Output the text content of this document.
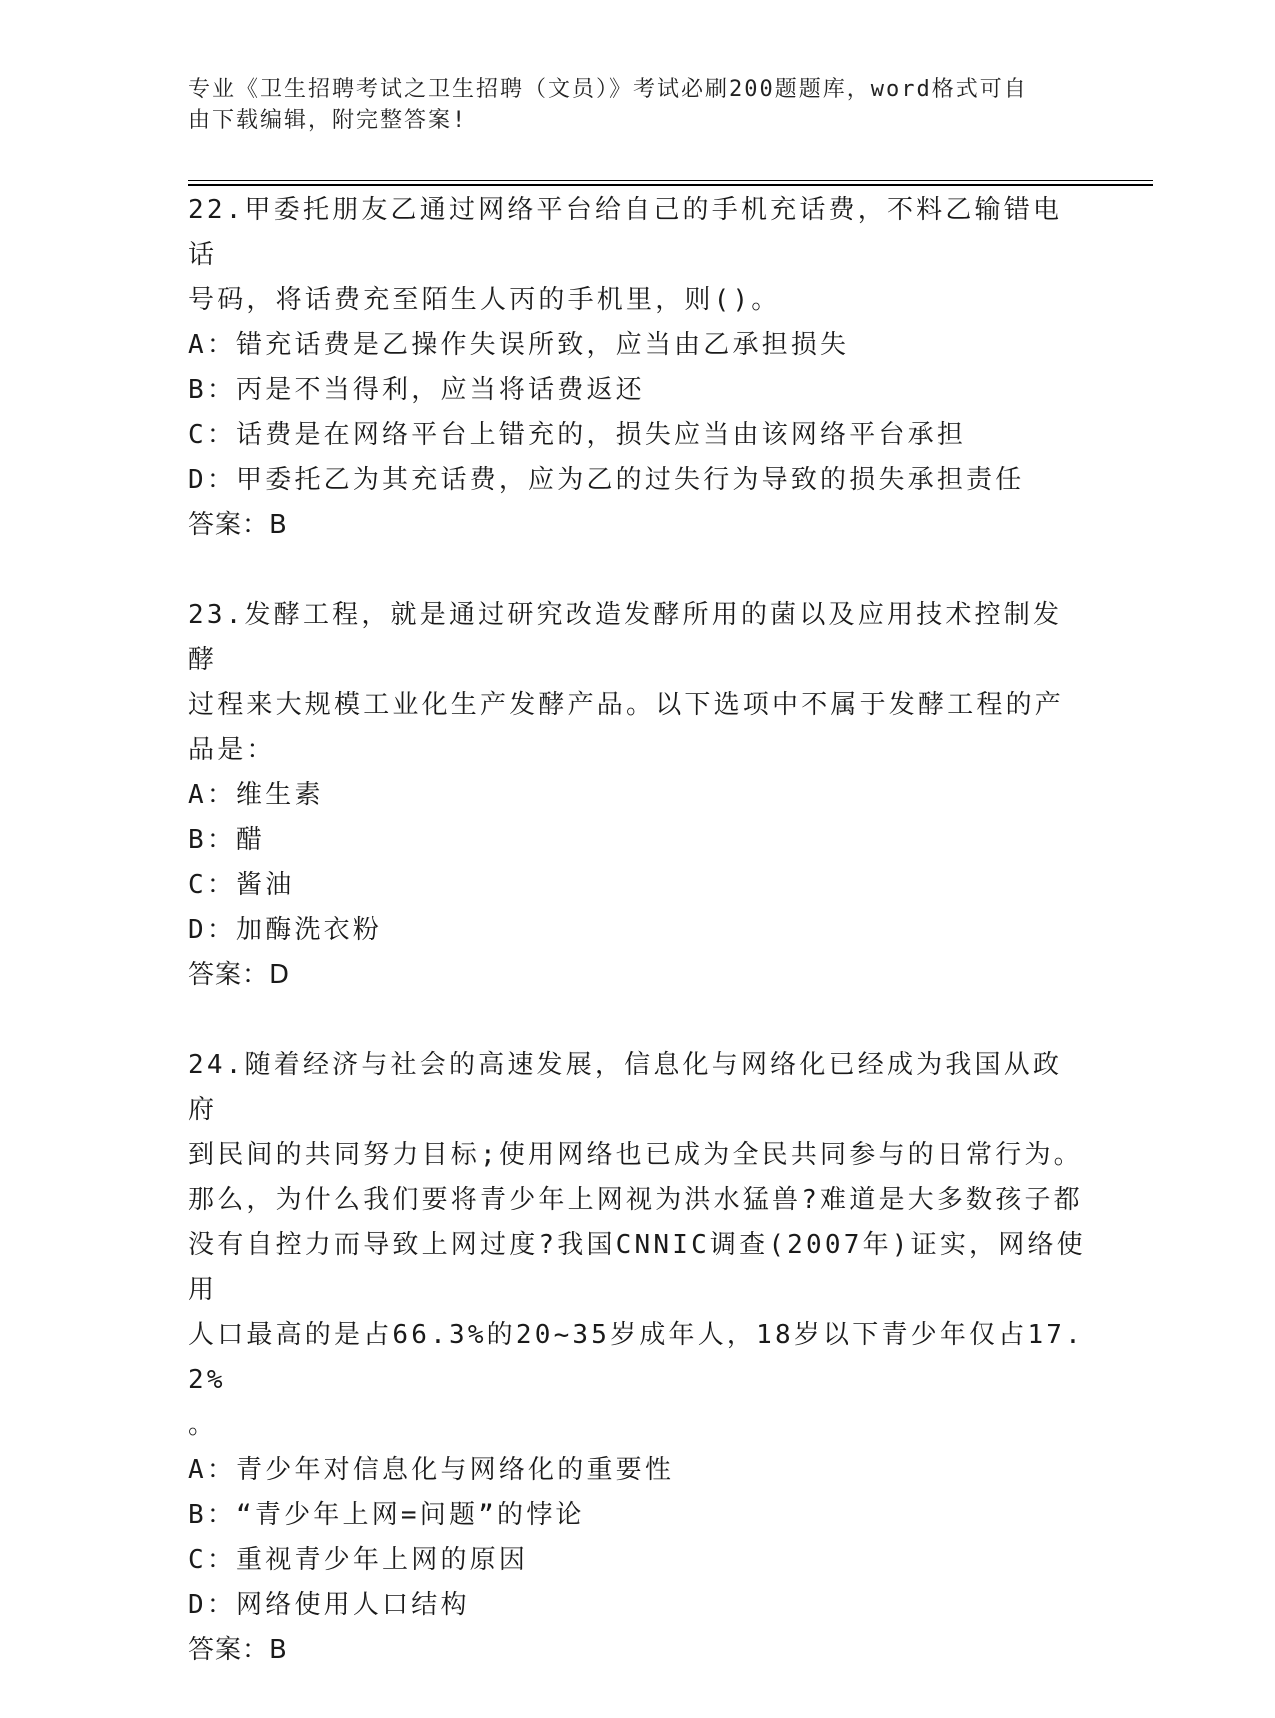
专业《卫生招聘考试之卫生招聘（文员）》考试必刷200题题库，word格式可自
由下载编辑，附完整答案!
22.甲委托朋友乙通过网络平台给自己的手机充话费，不料乙输错电话
号码，将话费充至陌生人丙的手机里，则()。
A：错充话费是乙操作失误所致，应当由乙承担损失
B：丙是不当得利，应当将话费返还
C：话费是在网络平台上错充的，损失应当由该网络平台承担
D：甲委托乙为其充话费，应为乙的过失行为导致的损失承担责任
答案：B
23.发酵工程，就是通过研究改造发酵所用的菌以及应用技术控制发酵
过程来大规模工业化生产发酵产品。以下选项中不属于发酵工程的产
品是：
A：维生素
B：醋
C：酱油
D：加酶洗衣粉
答案：D
24.随着经济与社会的高速发展，信息化与网络化已经成为我国从政府
到民间的共同努力目标;使用网络也已成为全民共同参与的日常行为。
那么，为什么我们要将青少年上网视为洪水猛兽?难道是大多数孩子都
没有自控力而导致上网过度?我国CNNIC调查(2007年)证实，网络使用
人口最高的是占66.3%的20~35岁成年人，18岁以下青少年仅占17.2%
。
A：青少年对信息化与网络化的重要性
B：“青少年上网=问题”的悖论
C：重视青少年上网的原因
D：网络使用人口结构
答案：B
